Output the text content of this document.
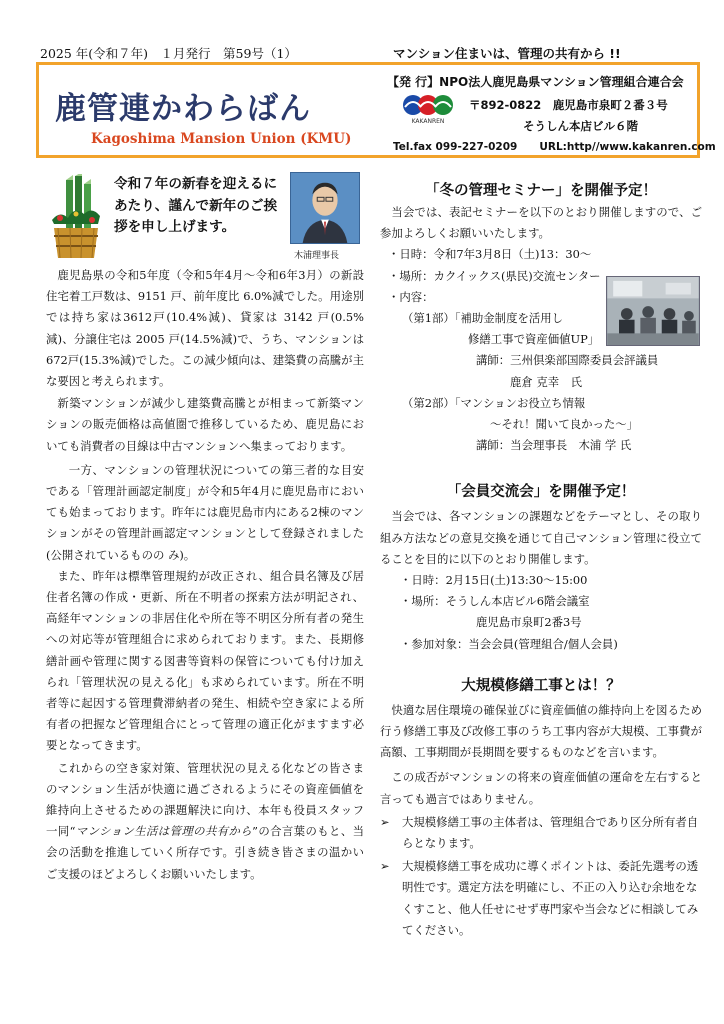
2025 年(令和７年)　１月発行　第59号（1）	マンション住まいは、管理の共有から !!
鹿管連かわらばん
Kagoshima Mansion Union (KMU)
【発 行】NPO法人鹿児島県マンション管理組合連合会
KAKANREN
〒892-0822　鹿児島市泉町２番３号
そうしん本店ビル６階
Tel.fax 099-227-0209 URL:http//www.kakanren.com
令和７年の新春を迎えるにあたり、謹んで新年のご挨拶を申し上げます。
木浦理事長

鹿児島県の令和5年度（令和5年4月～令和6年3月）の新設住宅着工戸数は、9151 戸、前年度比 6.0%減でした。用途別では持ち家は3612戸(10.4%減)、貸家は 3142 戸(0.5%減)、分譲住宅は 2005 戸(14.5%減)で、うち、マンションは672戸(15.3%減)でした。この減少傾向は、建築費の高騰が主な要因と考えられます。

新築マンションが減少し建築費高騰とが相まって新築マンションの販売価格は高値圏で推移しているため、鹿児島においても消費者の目線は中古マンションへ集まっております。

一方、マンションの管理状況についての第三者的な目安である「管理計画認定制度」が令和5年4月に鹿児島市においても始まっております。昨年には鹿児島市内にある2棟のマンションがその管理計画認定マンションとして登録されました(公開されているものの み)。

また、昨年は標準管理規約が改正され、組合員名簿及び居住者名簿の作成・更新、所在不明者の探索方法が明記され、高経年マンションの非居住化や所在等不明区分所有者の発生への対応等が管理組合に求められております。また、長期修繕計画や管理に関する図書等資料の保管についても付け加えられ「管理状況の見える化」も求められています。所在不明者等に起因する管理費滞納者の発生、相続や空き家による所有者の把握など管理組合にとって管理の適正化がますます必要となってきます。

これからの空き家対策、管理状況の見える化などの皆さまのマンション生活が快適に過ごされるようにその資産価値を維持向上させるための課題解決に向け、本年も役員スタッフ一同“マンション生活は管理の共有から”の合言葉のもと、当会の活動を推進していく所存です。引き続き皆さまの温かいご支援のほどよろしくお願いいたします。

「冬の管理セミナー」を開催予定！

当会では、表記セミナーを以下のとおり開催しますので、ご参加よろしくお願いいたします。

・日時：令和7年3月8日（土)13：30～
・場所：カクイックス(県民)交流センター
・内容：
（第1部）「補助金制度を活用し
修繕工事で資産価値UP」
講師：三州倶楽部国際委員会評議員
鹿倉 克幸　氏
（第2部）「マンションお役立ち情報
～それ！聞いて良かった～」
講師：当会理事長　木浦 学 氏
「会員交流会」を開催予定！

当会では、各マンションの課題などをテーマとし、その取り組み方法などの意見交換を通じて自己マンション管理に役立てることを目的に以下のとおり開催します。

・日時：2月15日(土)13:30～15:00
・場所：そうしん本店ビル6階会議室
鹿児島市泉町2番3号
・参加対象：当会会員(管理組合/個人会員)
大規模修繕工事とは！？

快適な居住環境の確保並びに資産価値の維持向上を図るため行う修繕工事及び改修工事のうち工事内容が大規模、工事費が高額、工事期間が長期間を要するものなどを言います。

この成否がマンションの将来の資産価値の運命を左右すると言っても過言ではありません。

➢	大規模修繕工事の主体者は、管理組合であり区分所有者自らとなります。
➢	大規模修繕工事を成功に導くポイントは、委託先選考の透明性です。選定方法を明確にし、不正の入り込む余地をなくすこと、他人任せにせず専門家や当会などに相談してみてください。
